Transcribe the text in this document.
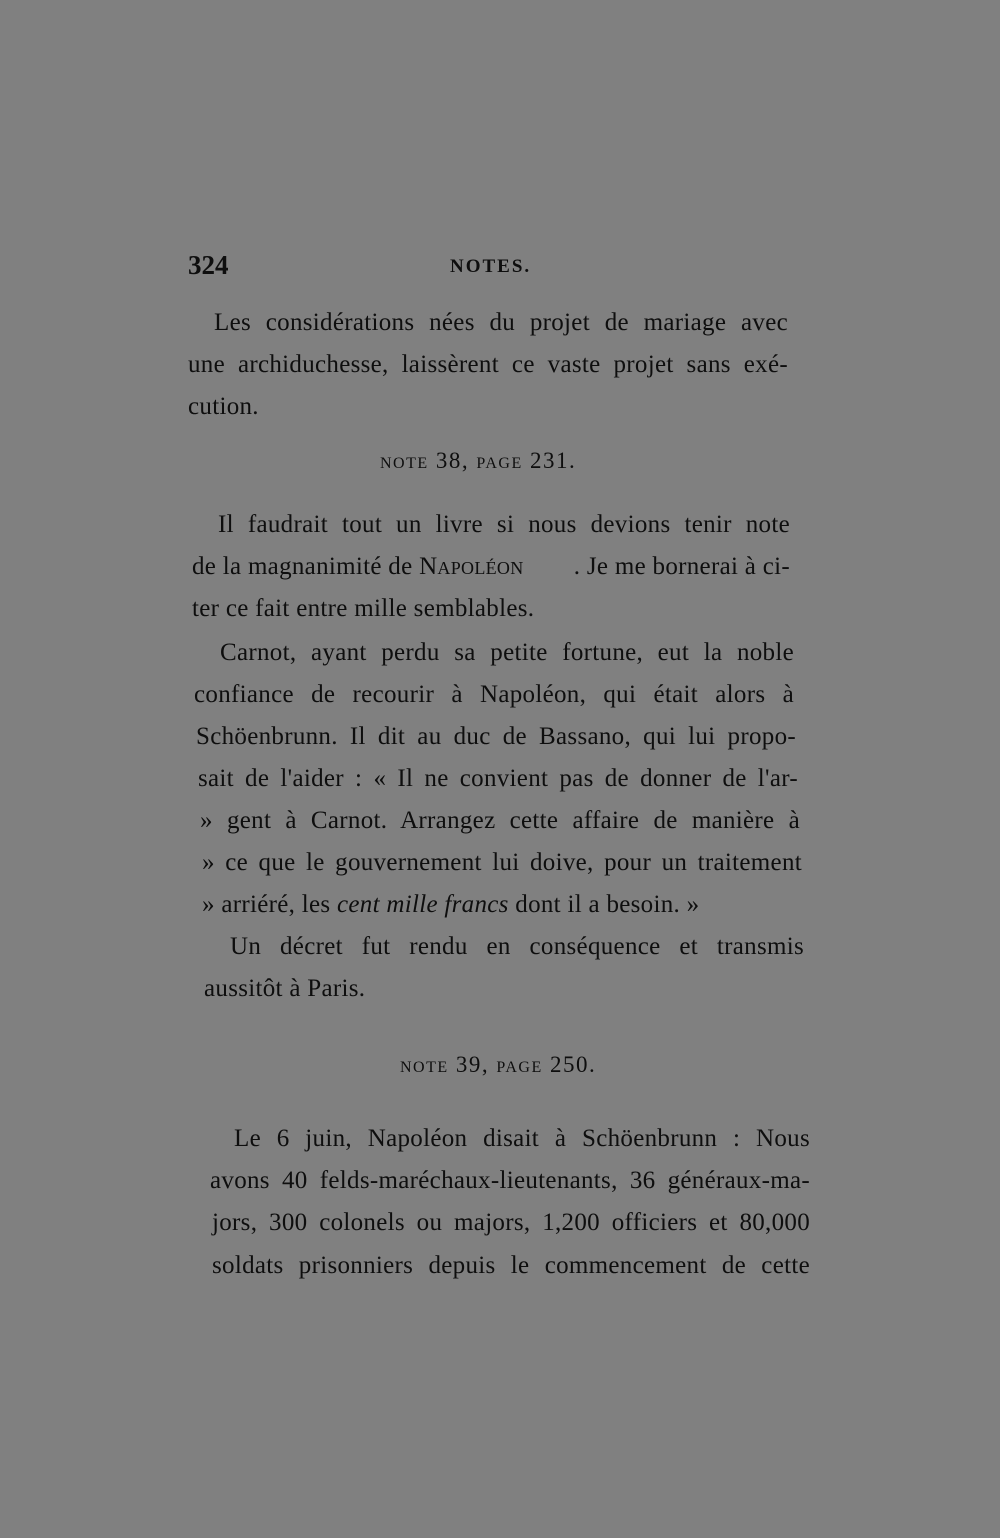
324	NOTES.
Les considérations nées du projet de mariage avec
une archiduchesse, laissèrent ce vaste projet sans exé-
cution.
note 38, page 231.
Il faudrait tout un livre si nous devions tenir note
de la magnanimité de Napoléon . Je me bornerai à ci-
ter ce fait entre mille semblables.
Carnot, ayant perdu sa petite fortune, eut la noble
confiance de recourir à Napoléon, qui était alors à
Schöenbrunn. Il dit au duc de Bassano, qui lui propo-
sait de l'aider : « Il ne convient pas de donner de l'ar-
» gent à Carnot. Arrangez cette affaire de manière à
» ce que le gouvernement lui doive, pour un traitement
» arriéré, les cent mille francs dont il a besoin. »
Un décret fut rendu en conséquence et transmis
aussitôt à Paris.
note 39, page 250.
Le 6 juin, Napoléon disait à Schöenbrunn : Nous
avons 40 felds-maréchaux-lieutenants, 36 généraux-ma-
jors, 300 colonels ou majors, 1,200 officiers et 80,000
soldats prisonniers depuis le commencement de cette
